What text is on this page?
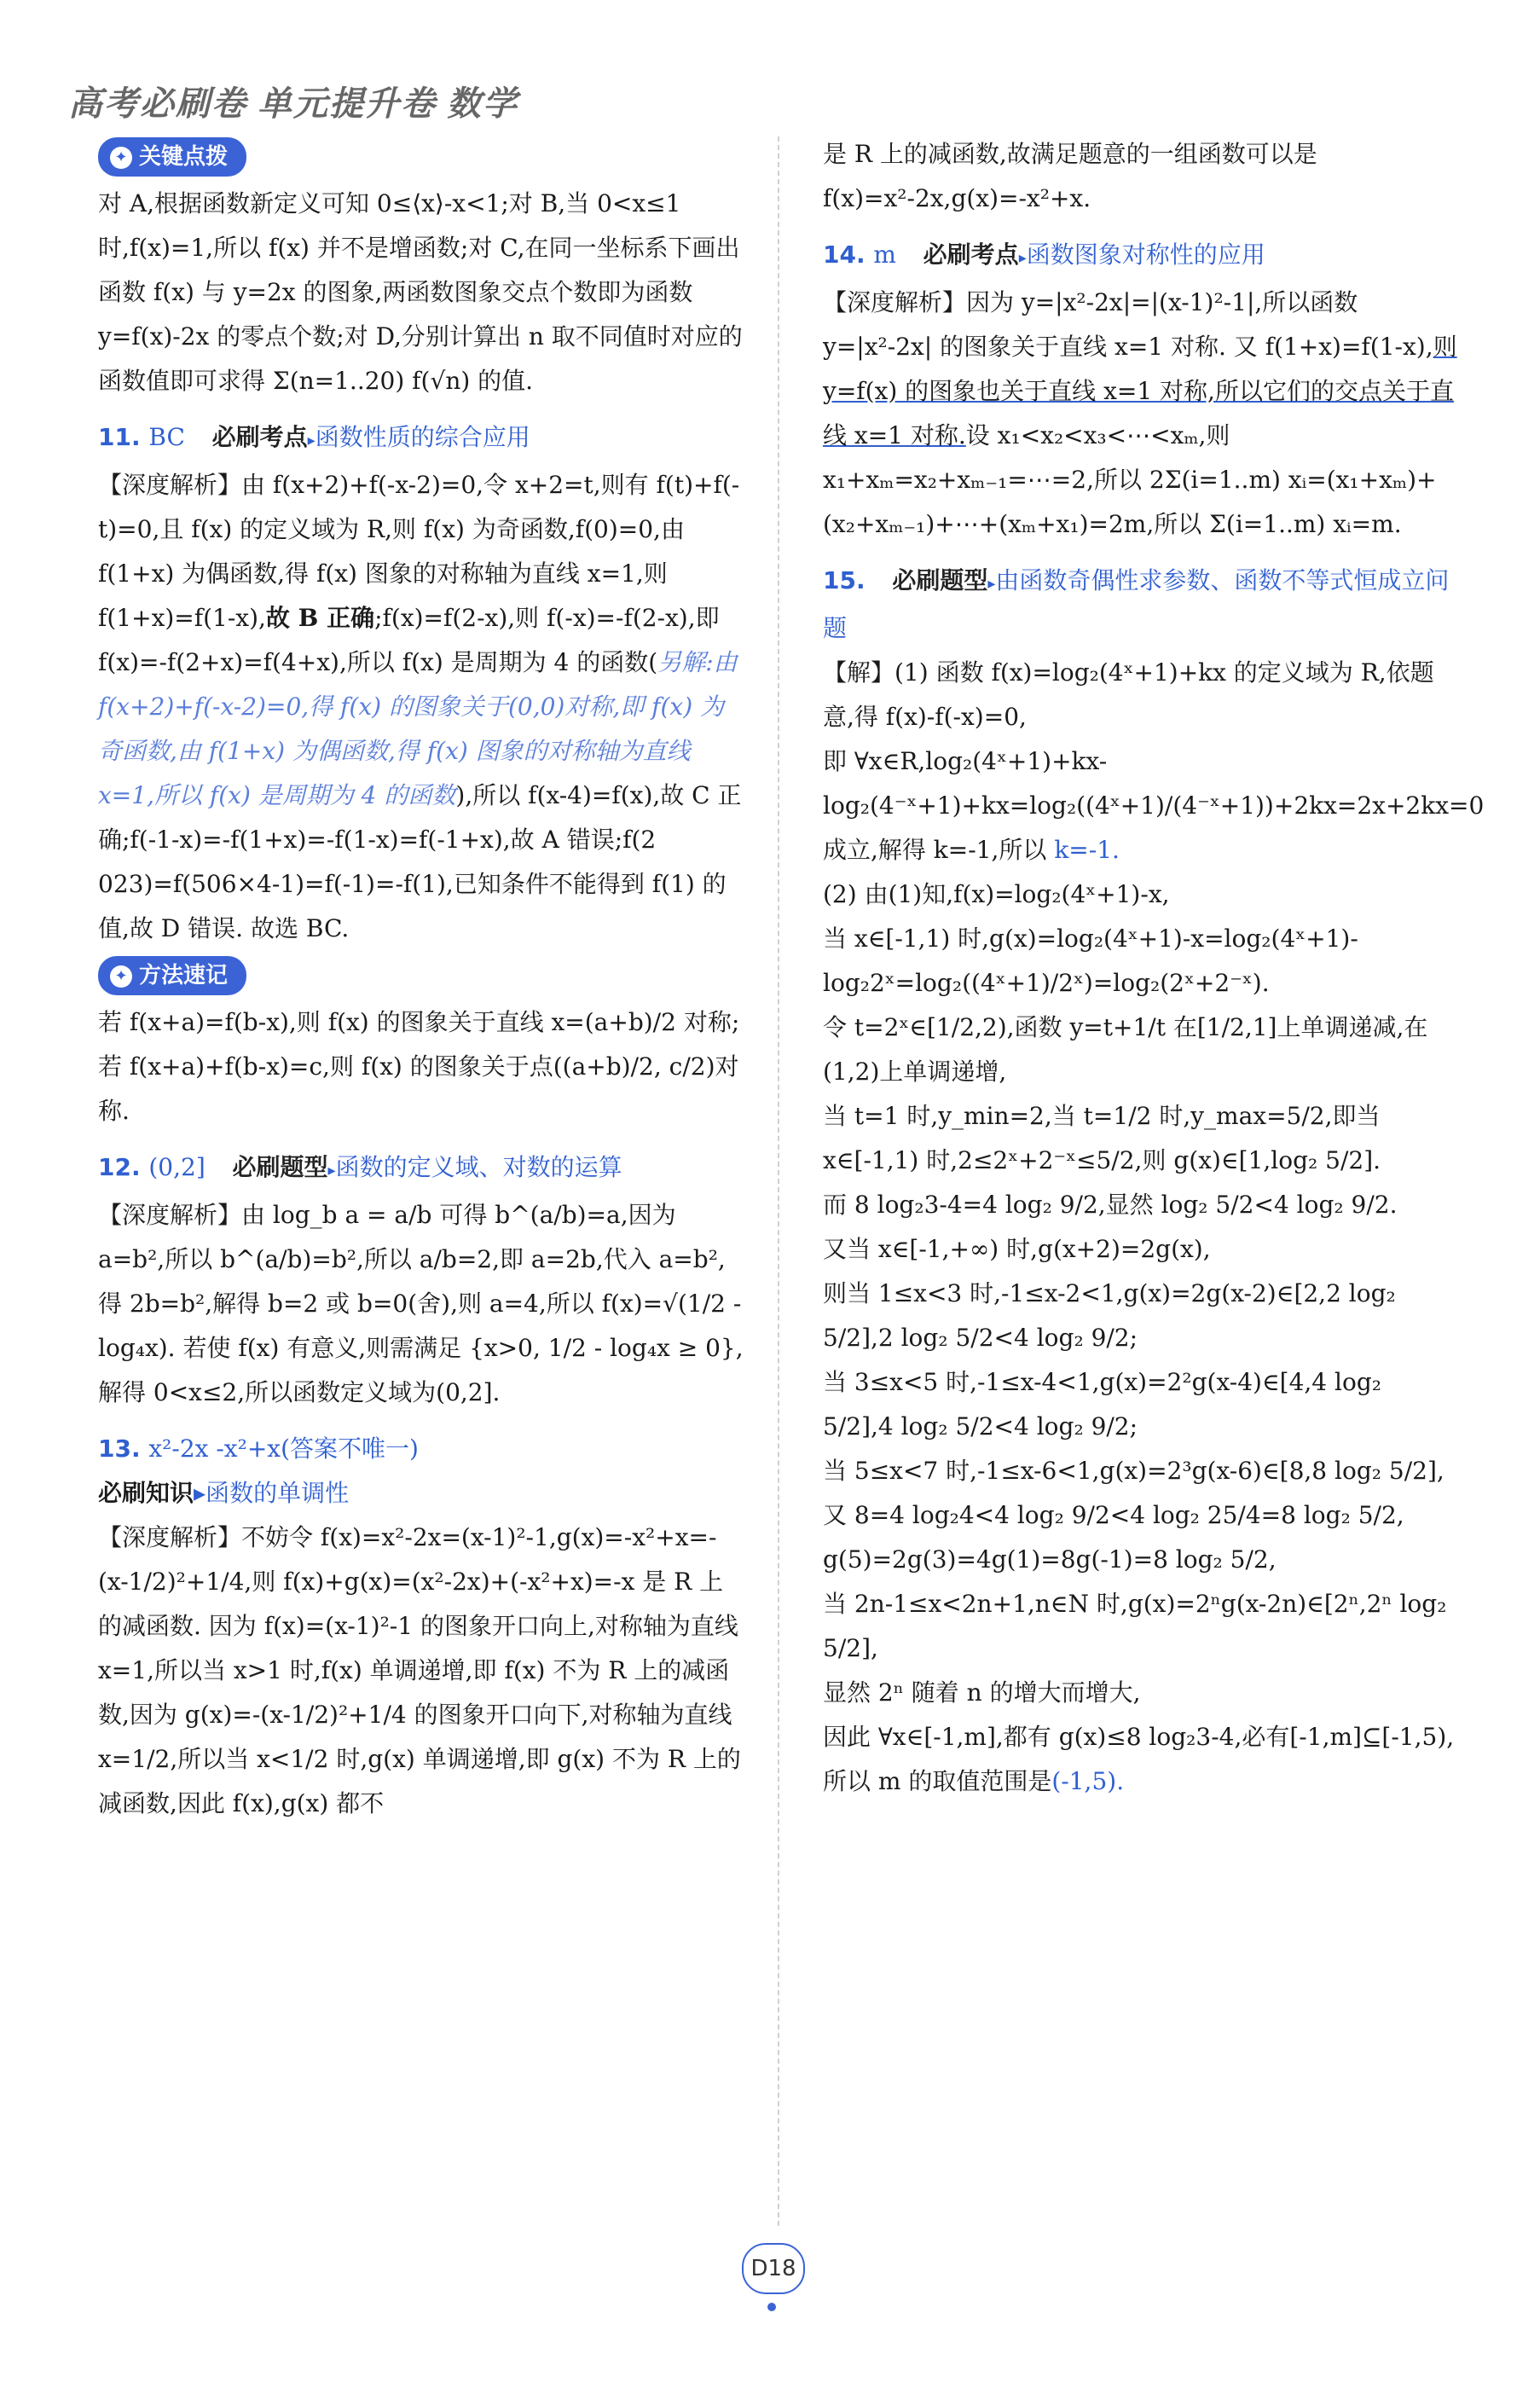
高考必刷卷 单元提升卷 数学
✦ 关键点拨

对 A,根据函数新定义可知 0≤⟨x⟩-x<1;对 B,当 0<x≤1 时,f(x)=1,所以 f(x) 并不是增函数;对 C,在同一坐标系下画出函数 f(x) 与 y=2x 的图象,两函数图象交点个数即为函数 y=f(x)-2x 的零点个数;对 D,分别计算出 n 取不同值时对应的函数值即可求得 Σ(n=1..20) f(√n) 的值.

11. BC 必刷考点▸函数性质的综合应用

【深度解析】由 f(x+2)+f(-x-2)=0,令 x+2=t,则有 f(t)+f(-t)=0,且 f(x) 的定义域为 R,则 f(x) 为奇函数,f(0)=0,由 f(1+x) 为偶函数,得 f(x) 图象的对称轴为直线 x=1,则 f(1+x)=f(1-x),故 B 正确;f(x)=f(2-x),则 f(-x)=-f(2-x),即 f(x)=-f(2+x)=f(4+x),所以 f(x) 是周期为 4 的函数(另解:由 f(x+2)+f(-x-2)=0,得 f(x) 的图象关于(0,0)对称,即 f(x) 为奇函数,由 f(1+x) 为偶函数,得 f(x) 图象的对称轴为直线 x=1,所以 f(x) 是周期为 4 的函数),所以 f(x-4)=f(x),故 C 正确;f(-1-x)=-f(1+x)=-f(1-x)=f(-1+x),故 A 错误;f(2 023)=f(506×4-1)=f(-1)=-f(1),已知条件不能得到 f(1) 的值,故 D 错误. 故选 BC.

✦ 方法速记

若 f(x+a)=f(b-x),则 f(x) 的图象关于直线 x=(a+b)/2 对称;

若 f(x+a)+f(b-x)=c,则 f(x) 的图象关于点((a+b)/2, c/2)对称.

12. (0,2] 必刷题型▸函数的定义域、对数的运算

【深度解析】由 log_b a = a/b 可得 b^(a/b)=a,因为 a=b²,所以 b^(a/b)=b²,所以 a/b=2,即 a=2b,代入 a=b²,得 2b=b²,解得 b=2 或 b=0(舍),则 a=4,所以 f(x)=√(1/2 - log₄x). 若使 f(x) 有意义,则需满足 {x>0, 1/2 - log₄x ≥ 0},解得 0<x≤2,所以函数定义域为(0,2].

13. x²-2x -x²+x(答案不唯一)
必刷知识▸函数的单调性

【深度解析】不妨令 f(x)=x²-2x=(x-1)²-1,g(x)=-x²+x=-(x-1/2)²+1/4,则 f(x)+g(x)=(x²-2x)+(-x²+x)=-x 是 R 上的减函数. 因为 f(x)=(x-1)²-1 的图象开口向上,对称轴为直线 x=1,所以当 x>1 时,f(x) 单调递增,即 f(x) 不为 R 上的减函数,因为 g(x)=-(x-1/2)²+1/4 的图象开口向下,对称轴为直线 x=1/2,所以当 x<1/2 时,g(x) 单调递增,即 g(x) 不为 R 上的减函数,因此 f(x),g(x) 都不

是 R 上的减函数,故满足题意的一组函数可以是 f(x)=x²-2x,g(x)=-x²+x.

14. m 必刷考点▸函数图象对称性的应用

【深度解析】因为 y=|x²-2x|=|(x-1)²-1|,所以函数 y=|x²-2x| 的图象关于直线 x=1 对称. 又 f(1+x)=f(1-x),则 y=f(x) 的图象也关于直线 x=1 对称,所以它们的交点关于直线 x=1 对称.设 x₁<x₂<x₃<⋯<xₘ,则 x₁+xₘ=x₂+xₘ₋₁=⋯=2,所以 2Σ(i=1..m) xᵢ=(x₁+xₘ)+(x₂+xₘ₋₁)+⋯+(xₘ+x₁)=2m,所以 Σ(i=1..m) xᵢ=m.

15. 必刷题型▸由函数奇偶性求参数、函数不等式恒成立问题

【解】(1) 函数 f(x)=log₂(4ˣ+1)+kx 的定义域为 R,依题意,得 f(x)-f(-x)=0,

即 ∀x∈R,log₂(4ˣ+1)+kx-log₂(4⁻ˣ+1)+kx=log₂((4ˣ+1)/(4⁻ˣ+1))+2kx=2x+2kx=0 成立,解得 k=-1,所以 k=-1.

(2) 由(1)知,f(x)=log₂(4ˣ+1)-x,

当 x∈[-1,1) 时,g(x)=log₂(4ˣ+1)-x=log₂(4ˣ+1)-log₂2ˣ=log₂((4ˣ+1)/2ˣ)=log₂(2ˣ+2⁻ˣ).

令 t=2ˣ∈[1/2,2),函数 y=t+1/t 在[1/2,1]上单调递减,在(1,2)上单调递增,

当 t=1 时,y_min=2,当 t=1/2 时,y_max=5/2,即当 x∈[-1,1) 时,2≤2ˣ+2⁻ˣ≤5/2,则 g(x)∈[1,log₂ 5/2].

而 8 log₂3-4=4 log₂ 9/2,显然 log₂ 5/2<4 log₂ 9/2.

又当 x∈[-1,+∞) 时,g(x+2)=2g(x),

则当 1≤x<3 时,-1≤x-2<1,g(x)=2g(x-2)∈[2,2 log₂ 5/2],2 log₂ 5/2<4 log₂ 9/2;

当 3≤x<5 时,-1≤x-4<1,g(x)=2²g(x-4)∈[4,4 log₂ 5/2],4 log₂ 5/2<4 log₂ 9/2;

当 5≤x<7 时,-1≤x-6<1,g(x)=2³g(x-6)∈[8,8 log₂ 5/2],又 8=4 log₂4<4 log₂ 9/2<4 log₂ 25/4=8 log₂ 5/2,

g(5)=2g(3)=4g(1)=8g(-1)=8 log₂ 5/2,

当 2n-1≤x<2n+1,n∈N 时,g(x)=2ⁿg(x-2n)∈[2ⁿ,2ⁿ log₂ 5/2],

显然 2ⁿ 随着 n 的增大而增大,

因此 ∀x∈[-1,m],都有 g(x)≤8 log₂3-4,必有[-1,m]⊆[-1,5),

所以 m 的取值范围是(-1,5).

D18
